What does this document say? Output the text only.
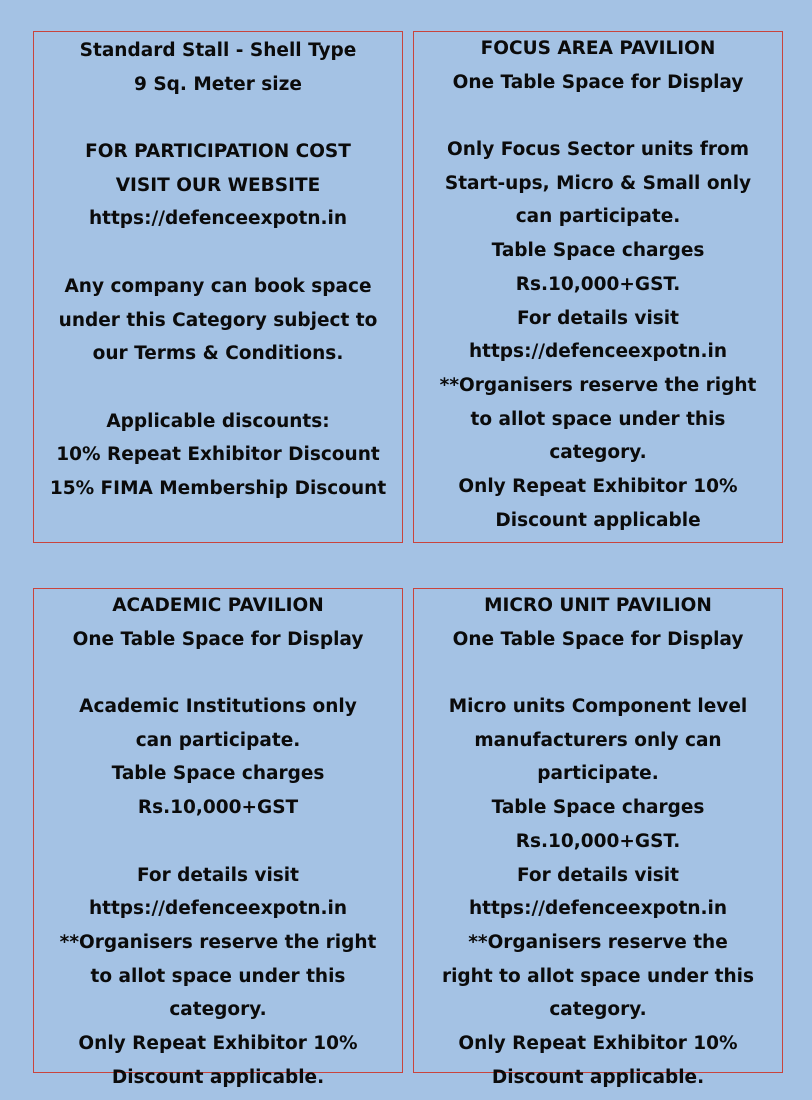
Standard Stall - Shell Type
9 Sq. Meter size
FOR PARTICIPATION COST
VISIT OUR WEBSITE
https://defenceexpotn.in
Any company can book space
under this Category subject to
our Terms & Conditions.
Applicable discounts:
10% Repeat Exhibitor Discount
15% FIMA Membership Discount
FOCUS AREA PAVILION
One Table Space for Display
Only Focus Sector units from
Start-ups, Micro & Small only
can participate.
Table Space charges
Rs.10,000+GST.
For details visit
https://defenceexpotn.in
**Organisers reserve the right
to allot space under this
category.
Only Repeat Exhibitor 10%
Discount applicable
ACADEMIC PAVILION
One Table Space for Display
Academic Institutions only
can participate.
Table Space charges
Rs.10,000+GST
For details visit
https://defenceexpotn.in
**Organisers reserve the right
to allot space under this
category.
Only Repeat Exhibitor 10%
Discount applicable.
MICRO UNIT PAVILION
One Table Space for Display
Micro units Component level
manufacturers only can
participate.
Table Space charges
Rs.10,000+GST.
For details visit
https://defenceexpotn.in
**Organisers reserve the
right to allot space under this
category.
Only Repeat Exhibitor 10%
Discount applicable.
